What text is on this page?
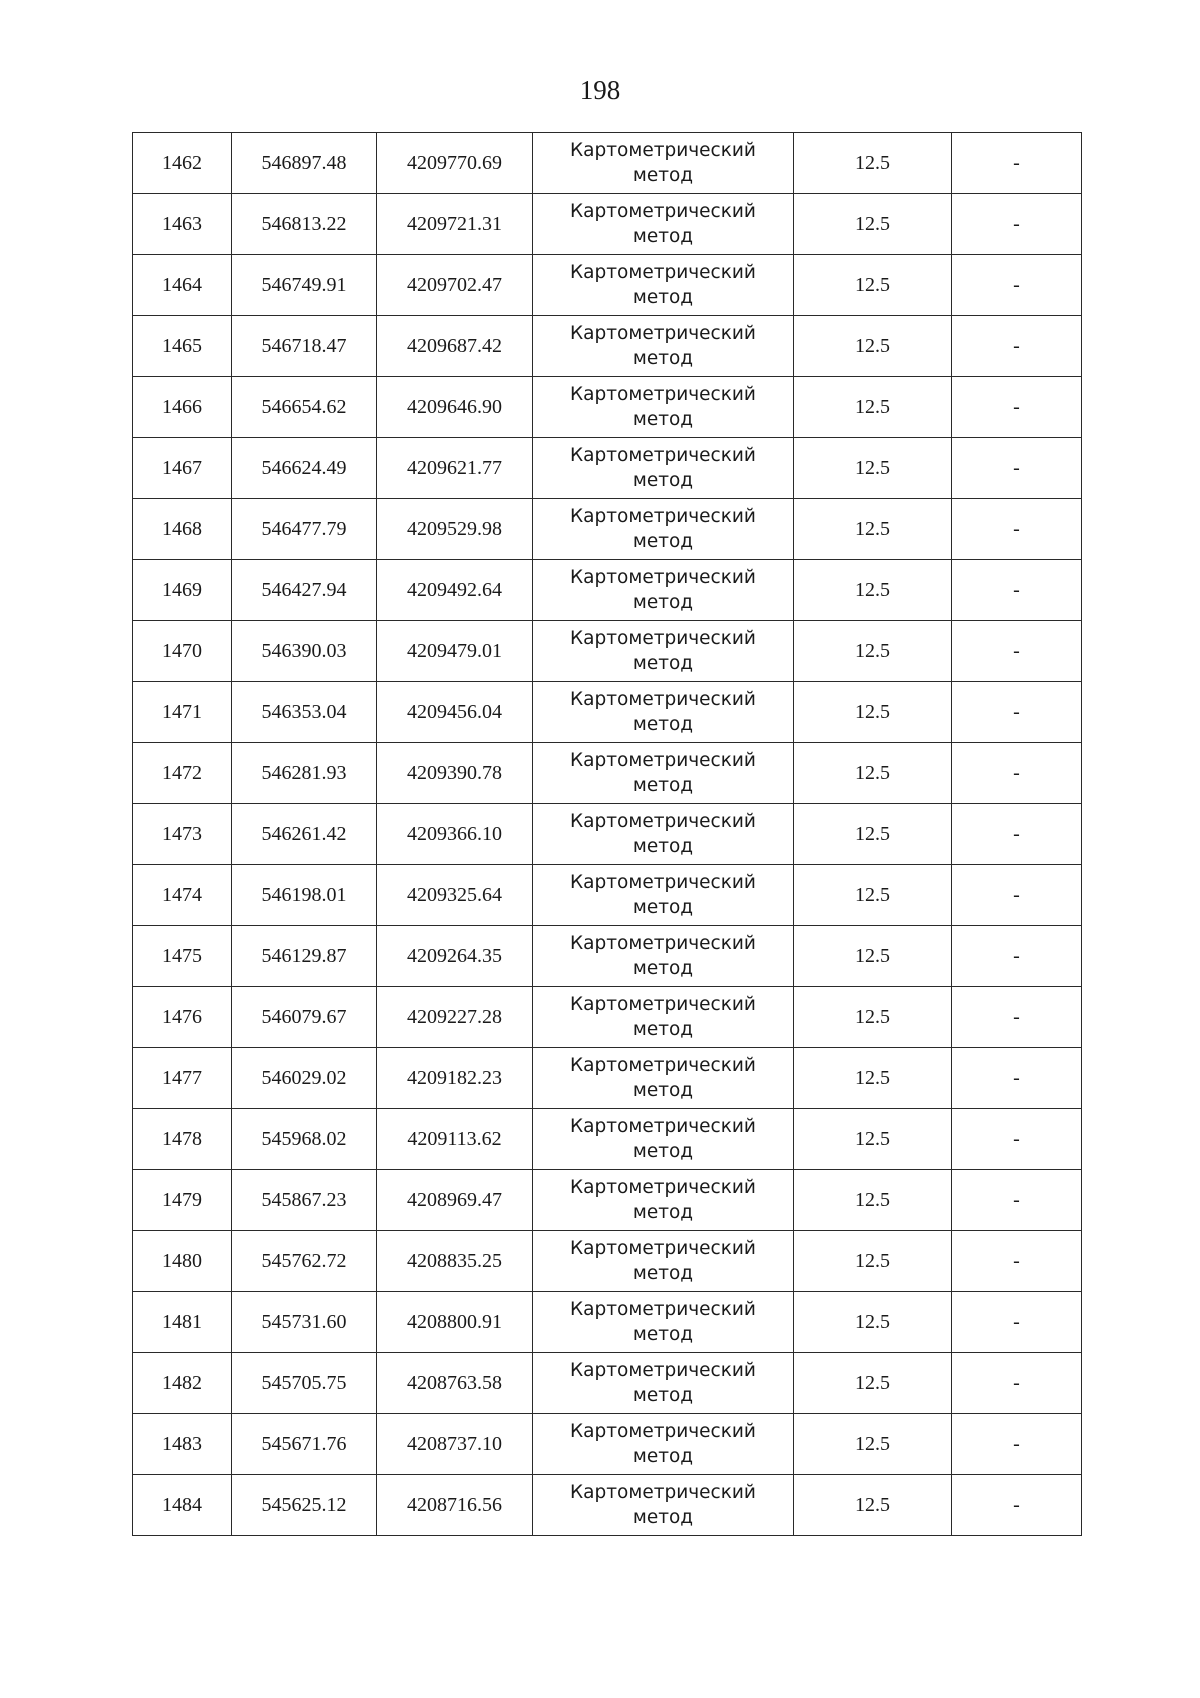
198
1462	546897.48	4209770.69	Картометрический
метод	12.5	-
1463	546813.22	4209721.31	Картометрический
метод	12.5	-
1464	546749.91	4209702.47	Картометрический
метод	12.5	-
1465	546718.47	4209687.42	Картометрический
метод	12.5	-
1466	546654.62	4209646.90	Картометрический
метод	12.5	-
1467	546624.49	4209621.77	Картометрический
метод	12.5	-
1468	546477.79	4209529.98	Картометрический
метод	12.5	-
1469	546427.94	4209492.64	Картометрический
метод	12.5	-
1470	546390.03	4209479.01	Картометрический
метод	12.5	-
1471	546353.04	4209456.04	Картометрический
метод	12.5	-
1472	546281.93	4209390.78	Картометрический
метод	12.5	-
1473	546261.42	4209366.10	Картометрический
метод	12.5	-
1474	546198.01	4209325.64	Картометрический
метод	12.5	-
1475	546129.87	4209264.35	Картометрический
метод	12.5	-
1476	546079.67	4209227.28	Картометрический
метод	12.5	-
1477	546029.02	4209182.23	Картометрический
метод	12.5	-
1478	545968.02	4209113.62	Картометрический
метод	12.5	-
1479	545867.23	4208969.47	Картометрический
метод	12.5	-
1480	545762.72	4208835.25	Картометрический
метод	12.5	-
1481	545731.60	4208800.91	Картометрический
метод	12.5	-
1482	545705.75	4208763.58	Картометрический
метод	12.5	-
1483	545671.76	4208737.10	Картометрический
метод	12.5	-
1484	545625.12	4208716.56	Картометрический
метод	12.5	-
